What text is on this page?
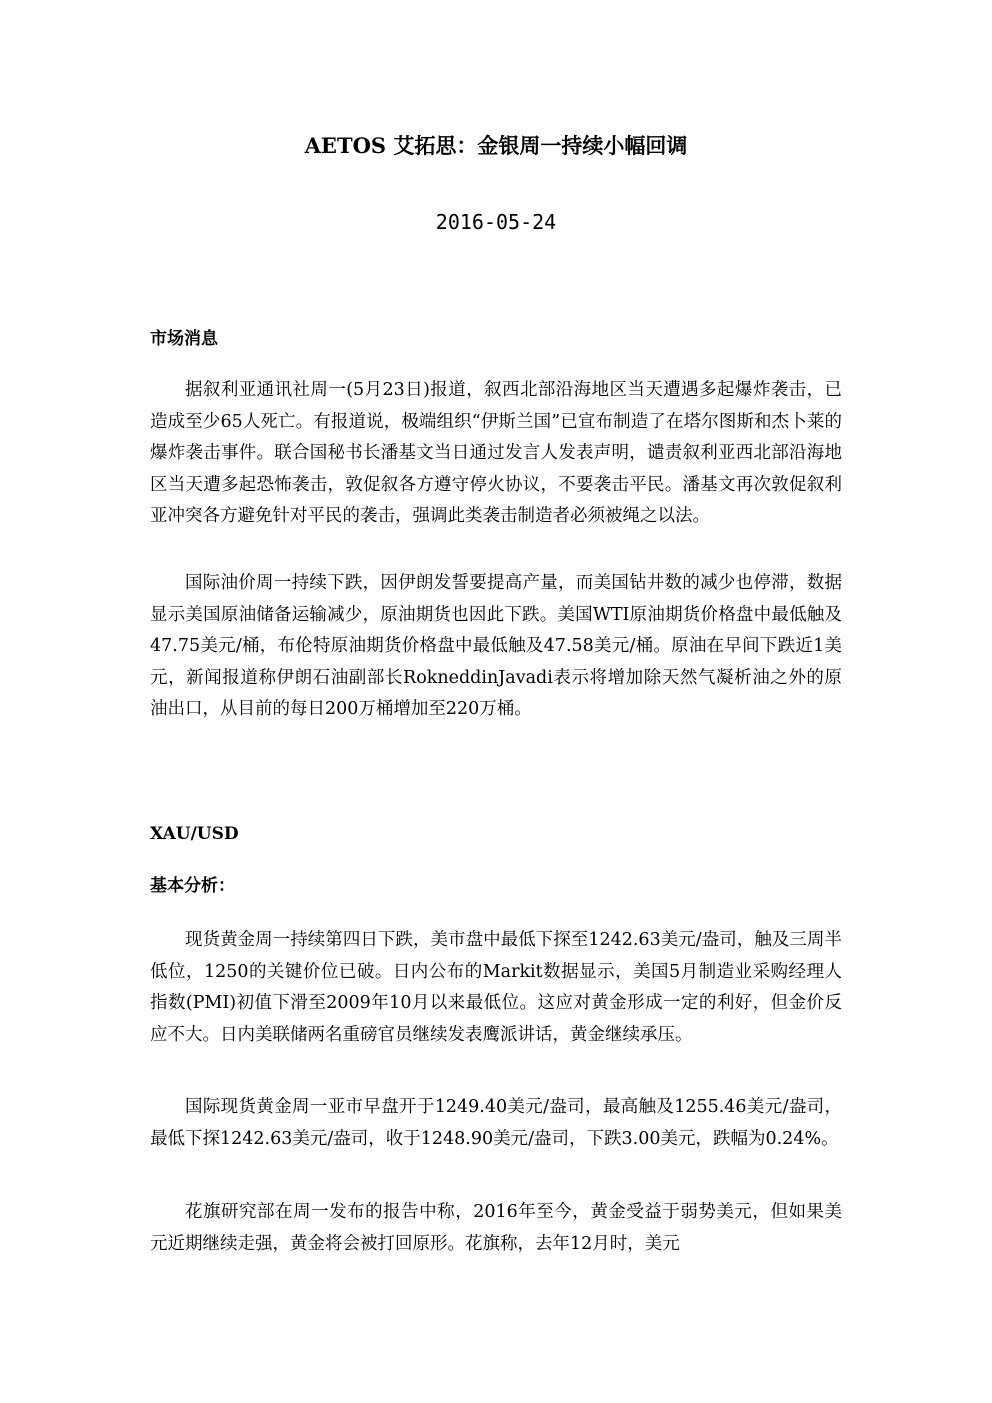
AETOS 艾拓思：金银周一持续小幅回调
2016-05-24
市场消息

据叙利亚通讯社周一(5月23日)报道，叙西北部沿海地区当天遭遇多起爆炸袭击，已造成至少65人死亡。有报道说，极端组织“伊斯兰国”已宣布制造了在塔尔图斯和杰卜莱的爆炸袭击事件。联合国秘书长潘基文当日通过发言人发表声明，谴责叙利亚西北部沿海地区当天遭多起恐怖袭击，敦促叙各方遵守停火协议，不要袭击平民。潘基文再次敦促叙利亚冲突各方避免针对平民的袭击，强调此类袭击制造者必须被绳之以法。

国际油价周一持续下跌，因伊朗发誓要提高产量，而美国钻井数的减少也停滞，数据显示美国原油储备运输减少，原油期货也因此下跌。美国WTI原油期货价格盘中最低触及47.75美元/桶，布伦特原油期货价格盘中最低触及47.58美元/桶。原油在早间下跌近1美元，新闻报道称伊朗石油副部长RokneddinJavadi表示将增加除天然气凝析油之外的原油出口，从目前的每日200万桶增加至220万桶。

XAU/USD
基本分析：

现货黄金周一持续第四日下跌，美市盘中最低下探至1242.63美元/盎司，触及三周半低位，1250的关键价位已破。日内公布的Markit数据显示，美国5月制造业采购经理人指数(PMI)初值下滑至2009年10月以来最低位。这应对黄金形成一定的利好，但金价反应不大。日内美联储两名重磅官员继续发表鹰派讲话，黄金继续承压。

国际现货黄金周一亚市早盘开于1249.40美元/盎司，最高触及1255.46美元/盎司，最低下探1242.63美元/盎司，收于1248.90美元/盎司，下跌3.00美元，跌幅为0.24%。

花旗研究部在周一发布的报告中称，2016年至今，黄金受益于弱势美元，但如果美元近期继续走强，黄金将会被打回原形。花旗称，去年12月时，美元
